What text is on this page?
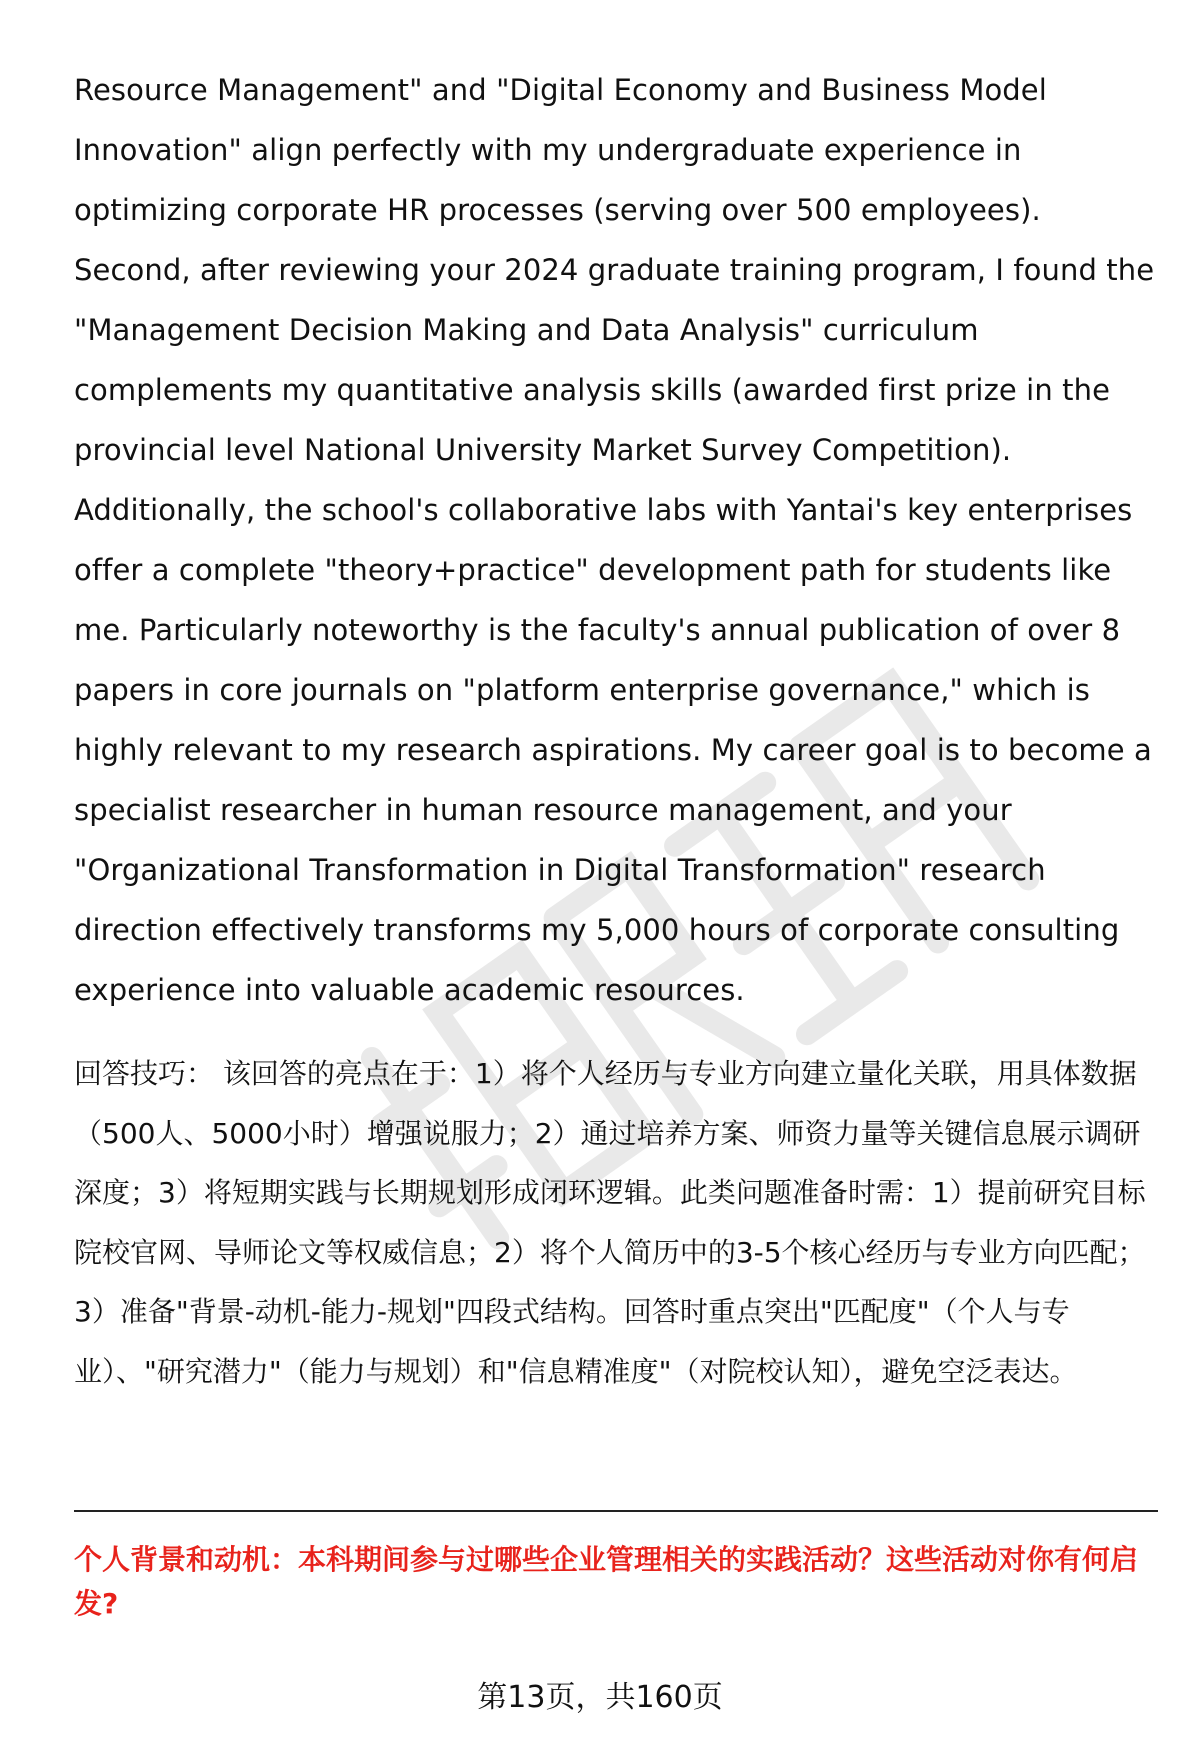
Resource Management" and "Digital Economy and Business Model Innovation" align perfectly with my undergraduate experience in optimizing corporate HR processes (serving over 500 employees). Second, after reviewing your 2024 graduate training program, I found the "Management Decision Making and Data Analysis" curriculum complements my quantitative analysis skills (awarded first prize in the provincial level National University Market Survey Competition). Additionally, the school's collaborative labs with Yantai's key enterprises offer a complete "theory+practice" development path for students like me. Particularly noteworthy is the faculty's annual publication of over 8 papers in core journals on "platform enterprise governance," which is highly relevant to my research aspirations. My career goal is to become a specialist researcher in human resource management, and your "Organizational Transformation in Digital Transformation" research direction effectively transforms my 5,000 hours of corporate consulting experience into valuable academic resources.

回答技巧： 该回答的亮点在于：1）将个人经历与专业方向建立量化关联，用具体数据（500人、5000小时）增强说服力；2）通过培养方案、师资力量等关键信息展示调研深度；3）将短期实践与长期规划形成闭环逻辑。此类问题准备时需：1）提前研究目标院校官网、导师论文等权威信息；2）将个人简历中的3-5个核心经历与专业方向匹配；3）准备"背景-动机-能力-规划"四段式结构。回答时重点突出"匹配度"（个人与专业）、"研究潜力"（能力与规划）和"信息精准度"（对院校认知），避免空泛表达。

个人背景和动机：本科期间参与过哪些企业管理相关的实践活动？这些活动对你有何启发?

第13页，共160页
